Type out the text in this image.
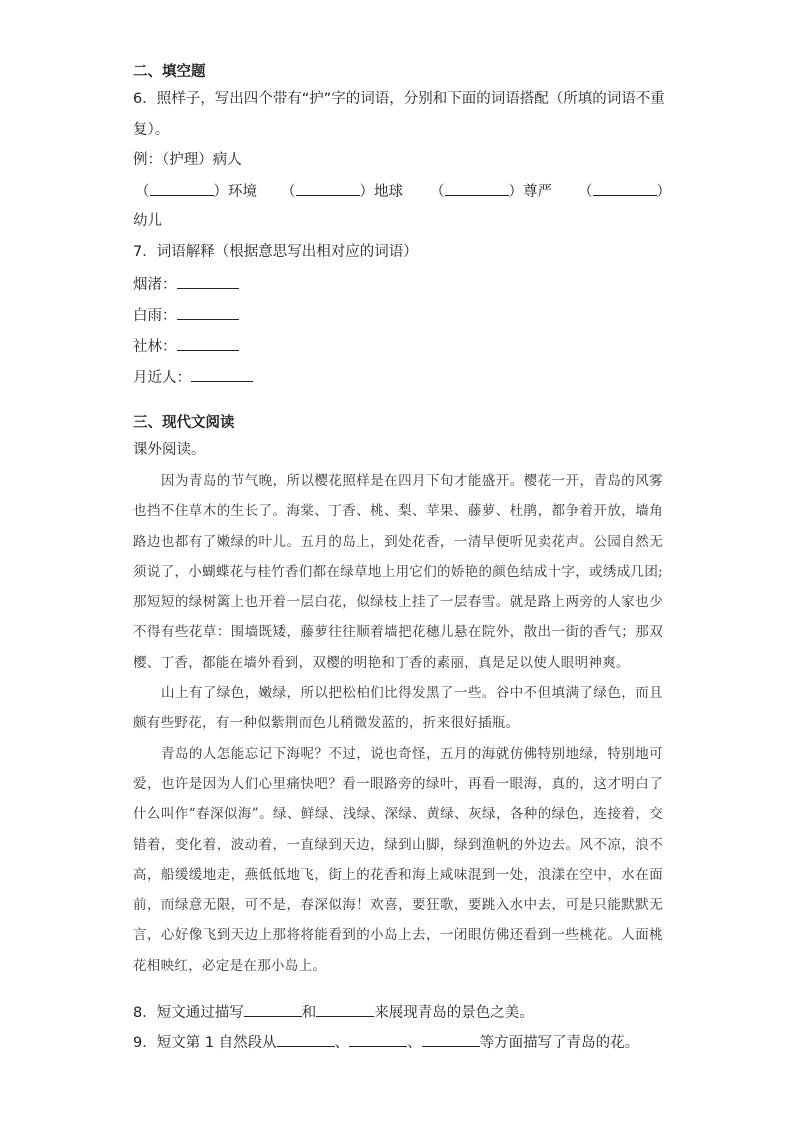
二、填空题
6．照样子，写出四个带有“护”字的词语，分别和下面的词语搭配（所填的词语不重
复）。
例：（护理）病人
（	）环境 （	）地球 （	）尊严 （	）
幼儿
7．词语解释（根据意思写出相对应的词语）
烟渚：
白雨：
社林：
月近人：
三、现代文阅读
课外阅读。

因为青岛的节气晚，所以樱花照样是在四月下旬才能盛开。樱花一开，青岛的风雾也挡不住草木的生长了。海棠、丁香、桃、梨、苹果、藤萝、杜鹃，都争着开放，墙角路边也都有了嫩绿的叶儿。五月的岛上，到处花香，一清早便听见卖花声。公园自然无须说了，小蝴蝶花与桂竹香们都在绿草地上用它们的娇艳的颜色结成十字，或绣成几团;那短短的绿树篱上也开着一层白花，似绿枝上挂了一层春雪。就是路上两旁的人家也少不得有些花草：围墙既矮，藤萝往往顺着墙把花穗儿悬在院外，散出一街的香气；那双樱、丁香，都能在墙外看到，双樱的明艳和丁香的素丽，真是足以使人眼明神爽。

山上有了绿色，嫩绿，所以把松柏们比得发黑了一些。谷中不但填满了绿色，而且颇有些野花，有一种似紫荆而色儿稍微发蓝的，折来很好插瓶。

青岛的人怎能忘记下海呢？不过，说也奇怪，五月的海就仿佛特别地绿，特别地可爱，也许是因为人们心里痛快吧？看一眼路旁的绿叶，再看一眼海，真的，这才明白了什么叫作“春深似海”。绿、鲜绿、浅绿、深绿、黄绿、灰绿，各种的绿色，连接着，交错着，变化着，波动着，一直绿到天边，绿到山脚，绿到渔帆的外边去。风不凉，浪不高，船缓缓地走，燕低低地飞，街上的花香和海上咸味混到一处，浪漾在空中，水在面前，而绿意无限，可不是，春深似海！欢喜，要狂歌，要跳入水中去，可是只能默默无言，心好像飞到天边上那将将能看到的小岛上去，一闭眼仿佛还看到一些桃花。人面桃花相映红，必定是在那小岛上。

8．短文通过描写	和	来展现青岛的景色之美。
9．短文第 1 自然段从	、	、	等方面描写了青岛的花。
